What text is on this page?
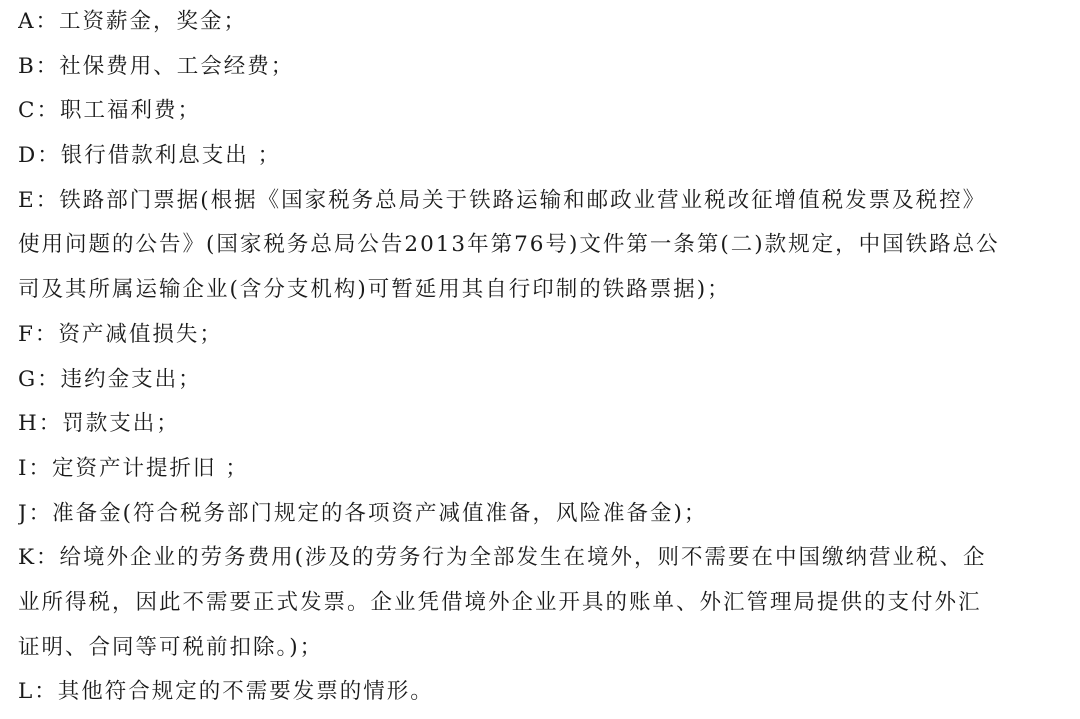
A：工资薪金，奖金；
B：社保费用、工会经费；
C：职工福利费；
D：银行借款利息支出 ；
E：铁路部门票据(根据《国家税务总局关于铁路运输和邮政业营业税改征增值税发票及税控》
使用问题的公告》(国家税务总局公告2013年第76号)文件第一条第(二)款规定，中国铁路总公
司及其所属运输企业(含分支机构)可暂延用其自行印制的铁路票据)；
F：资产减值损失；
G：违约金支出；
H：罚款支出；
I：定资产计提折旧 ；
J：准备金(符合税务部门规定的各项资产减值准备，风险准备金)；
K：给境外企业的劳务费用(涉及的劳务行为全部发生在境外，则不需要在中国缴纳营业税、企
业所得税，因此不需要正式发票。企业凭借境外企业开具的账单、外汇管理局提供的支付外汇
证明、合同等可税前扣除。)；
L：其他符合规定的不需要发票的情形。
